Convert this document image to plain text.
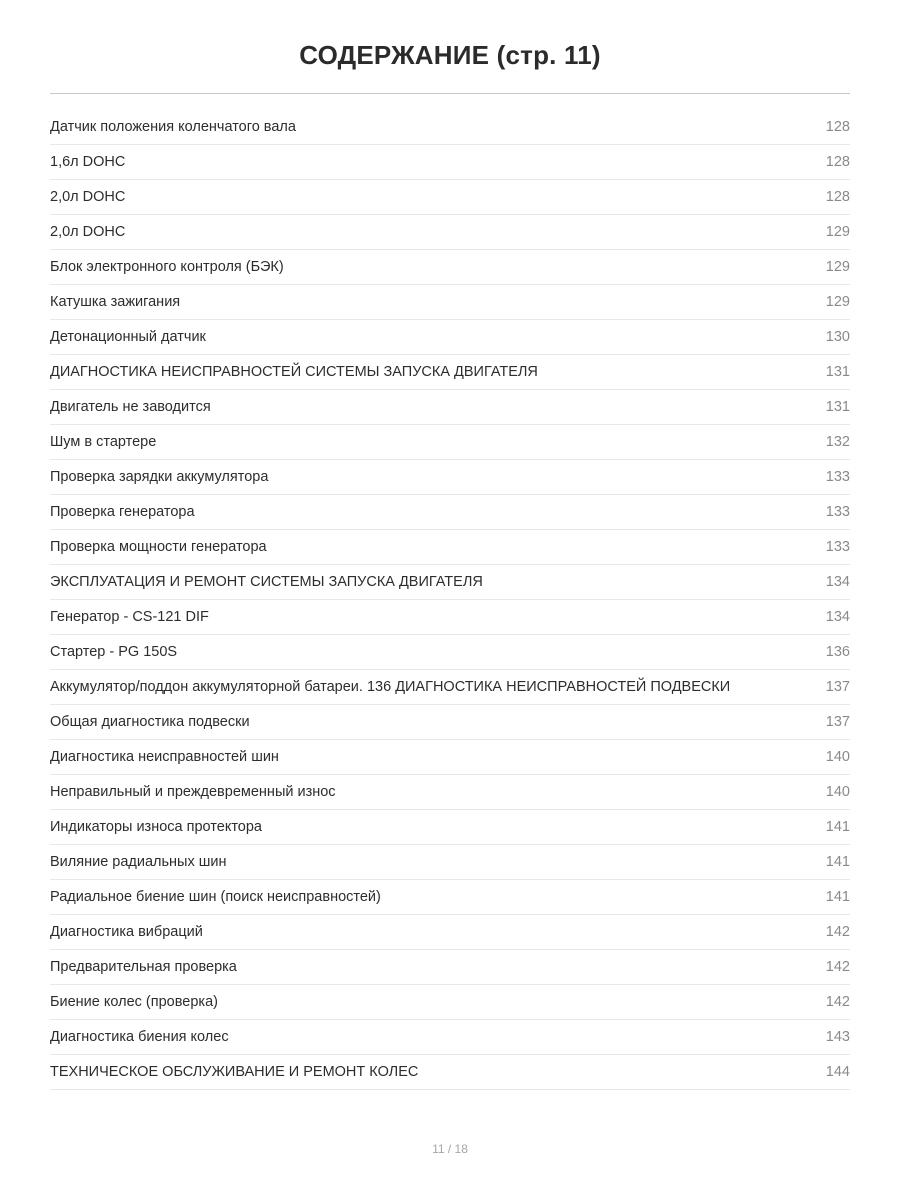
СОДЕРЖАНИЕ (стр. 11)
Датчик положения коленчатого вала	128
1,6л DOHC	128
2,0л DOHC	128
2,0л DOHC	129
Блок электронного контроля (БЭК)	129
Катушка зажигания	129
Детонационный датчик	130
ДИАГНОСТИКА НЕИСПРАВНОСТЕЙ СИСТЕМЫ ЗАПУСКА ДВИГАТЕЛЯ	131
Двигатель не заводится	131
Шум в стартере	132
Проверка зарядки аккумулятора	133
Проверка генератора	133
Проверка мощности генератора	133
ЭКСПЛУАТАЦИЯ И РЕМОНТ СИСТЕМЫ ЗАПУСКА ДВИГАТЕЛЯ	134
Генератор - CS-121 DIF	134
Стартер - PG 150S	136
Аккумулятор/поддон аккумуляторной батареи. 136 ДИАГНОСТИКА НЕИСПРАВНОСТЕЙ ПОДВЕСКИ	137
Общая диагностика подвески	137
Диагностика неисправностей шин	140
Неправильный и преждевременный износ	140
Индикаторы износа протектора	141
Виляние радиальных шин	141
Радиальное биение шин (поиск неисправностей)	141
Диагностика вибраций	142
Предварительная проверка	142
Биение колес (проверка)	142
Диагностика биения колес	143
ТЕХНИЧЕСКОЕ ОБСЛУЖИВАНИЕ И РЕМОНТ КОЛЕС	144
11 / 18
